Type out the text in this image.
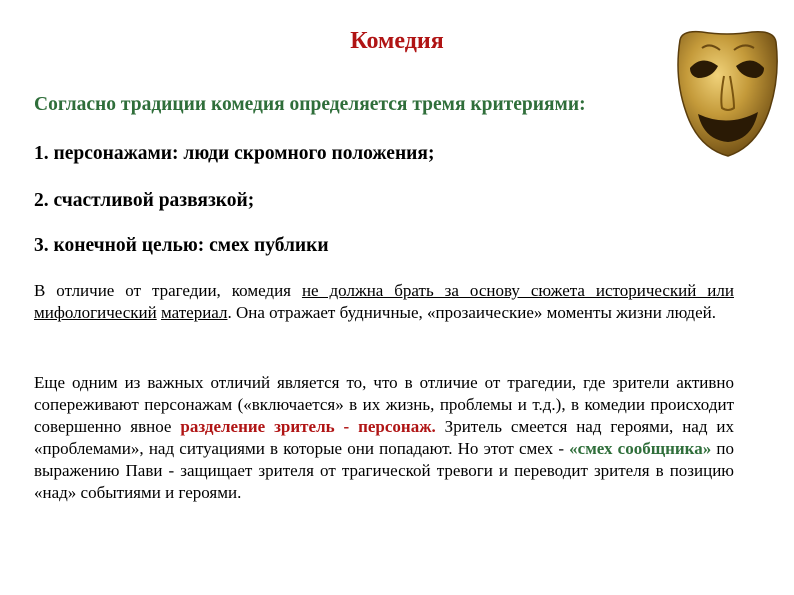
Комедия

Согласно традиции комедия определяется тремя критериями:

1. персонажами: люди скромного положения;

2. счастливой развязкой;

3. конечной целью: смех публики

В отличие от трагедии, комедия не должна брать за основу сюжета исторический или мифологический материал. Она отражает будничные, «прозаические» моменты жизни людей.

Еще одним из важных отличий является то, что в отличие от трагедии, где зрители активно сопереживают персонажам («включается» в их жизнь, проблемы и т.д.), в комедии происходит совершенно явное разделение зритель - персонаж. Зритель смеется над героями, над их «проблемами», над ситуациями в которые они попадают. Но этот смех - «смех сообщника» по выражению Пави - защищает зрителя от трагической тревоги и переводит зрителя в позицию «над» событиями и героями.
